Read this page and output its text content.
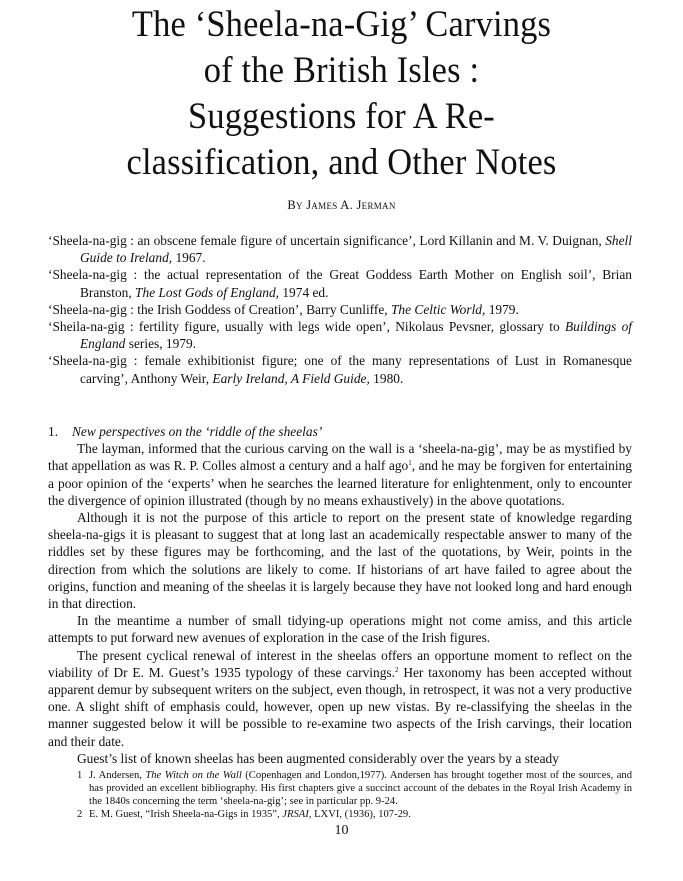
The ‘Sheela-na-Gig’ Carvings
of the British Isles :
Suggestions for A Re-
classification, and Other Notes
By James A. Jerman

‘Sheela-na-gig : an obscene female figure of uncertain significance’, Lord Killanin and M. V. Duignan, Shell Guide to Ireland, 1967.

‘Sheela-na-gig : the actual representation of the Great Goddess Earth Mother on English soil’, Brian Branston, The Lost Gods of England, 1974 ed.

‘Sheela-na-gig : the Irish Goddess of Creation’, Barry Cunliffe, The Celtic World, 1979.

‘Sheila-na-gig : fertility figure, usually with legs wide open’, Nikolaus Pevsner, glossary to Buildings of England series, 1979.

‘Sheela-na-gig : female exhibitionist figure; one of the many representations of Lust in Romanesque carving’, Anthony Weir, Early Ireland, A Field Guide, 1980.

1. New perspectives on the ‘riddle of the sheelas’

The layman, informed that the curious carving on the wall is a ‘sheela-na-gig’, may be as mystified by that appellation as was R. P. Colles almost a century and a half ago$^1$, and he may be forgiven for entertaining a poor opinion of the ‘experts’ when he searches the learned literature for enlightenment, only to encounter the divergence of opinion illustrated (though by no means exhaustively) in the above quotations.

Although it is not the purpose of this article to report on the present state of knowledge regarding sheela-na-gigs it is pleasant to suggest that at long last an academically respectable answer to many of the riddles set by these figures may be forthcoming, and the last of the quotations, by Weir, points in the direction from which the solutions are likely to come. If historians of art have failed to agree about the origins, function and meaning of the sheelas it is largely because they have not looked long and hard enough in that direction.

In the meantime a number of small tidying-up operations might not come amiss, and this article attempts to put forward new avenues of exploration in the case of the Irish figures.

The present cyclical renewal of interest in the sheelas offers an opportune moment to reflect on the viability of Dr E. M. Guest’s 1935 typology of these carvings.$^2$ Her taxonomy has been accepted without apparent demur by subsequent writers on the subject, even though, in retrospect, it was not a very productive one. A slight shift of emphasis could, however, open up new vistas. By re-classifying the sheelas in the manner suggested below it will be possible to re-examine two aspects of the Irish carvings, their location and their date.

Guest’s list of known sheelas has been augmented considerably over the years by a steady

1 J. Andersen, The Witch on the Wall (Copenhagen and London,1977). Andersen has brought together most of the sources, and has provided an excellent bibliography. His first chapters give a succinct account of the debates in the Royal Irish Academy in the 1840s concerning the term ‘sheela-na-gig’; see in particular pp. 9-24.

2 E. M. Guest, “Irish Sheela-na-Gigs in 1935”, JRSAI, LXVI, (1936), 107-29.

10
